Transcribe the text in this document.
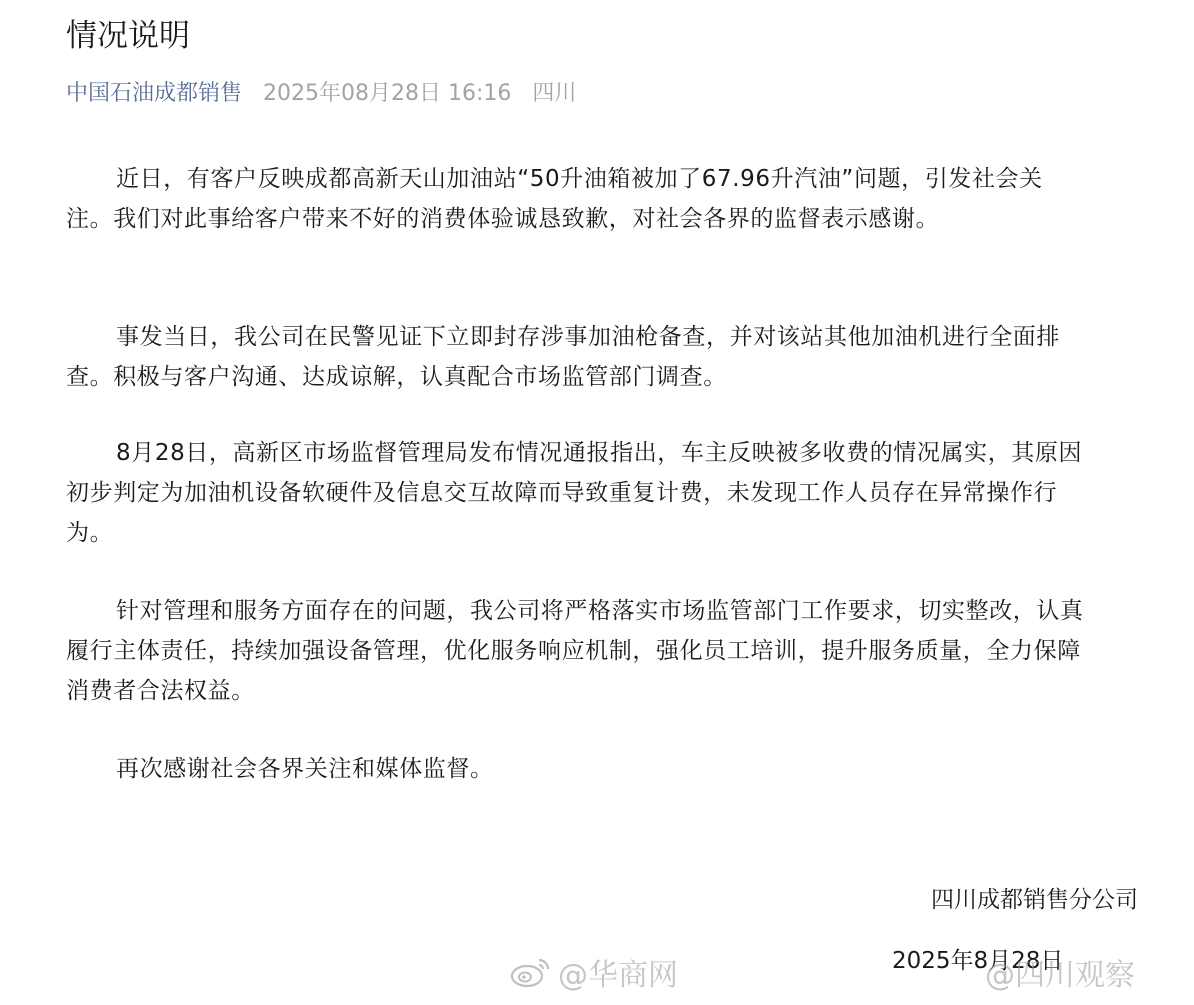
情况说明
中国石油成都销售 2025年08月28日 16:16 四川

近日，有客户反映成都高新天山加油站“50升油箱被加了67.96升汽油”问题，引发社会关注。我们对此事给客户带来不好的消费体验诚恳致歉，对社会各界的监督表示感谢。

事发当日，我公司在民警见证下立即封存涉事加油枪备查，并对该站其他加油机进行全面排查。积极与客户沟通、达成谅解，认真配合市场监管部门调查。

8月28日，高新区市场监督管理局发布情况通报指出，车主反映被多收费的情况属实，其原因初步判定为加油机设备软硬件及信息交互故障而导致重复计费，未发现工作人员存在异常操作行为。

针对管理和服务方面存在的问题，我公司将严格落实市场监管部门工作要求，切实整改，认真履行主体责任，持续加强设备管理，优化服务响应机制，强化员工培训，提升服务质量，全力保障消费者合法权益。

再次感谢社会各界关注和媒体监督。

四川成都销售分公司
2025年8月28日
@华商网	@四川观察
